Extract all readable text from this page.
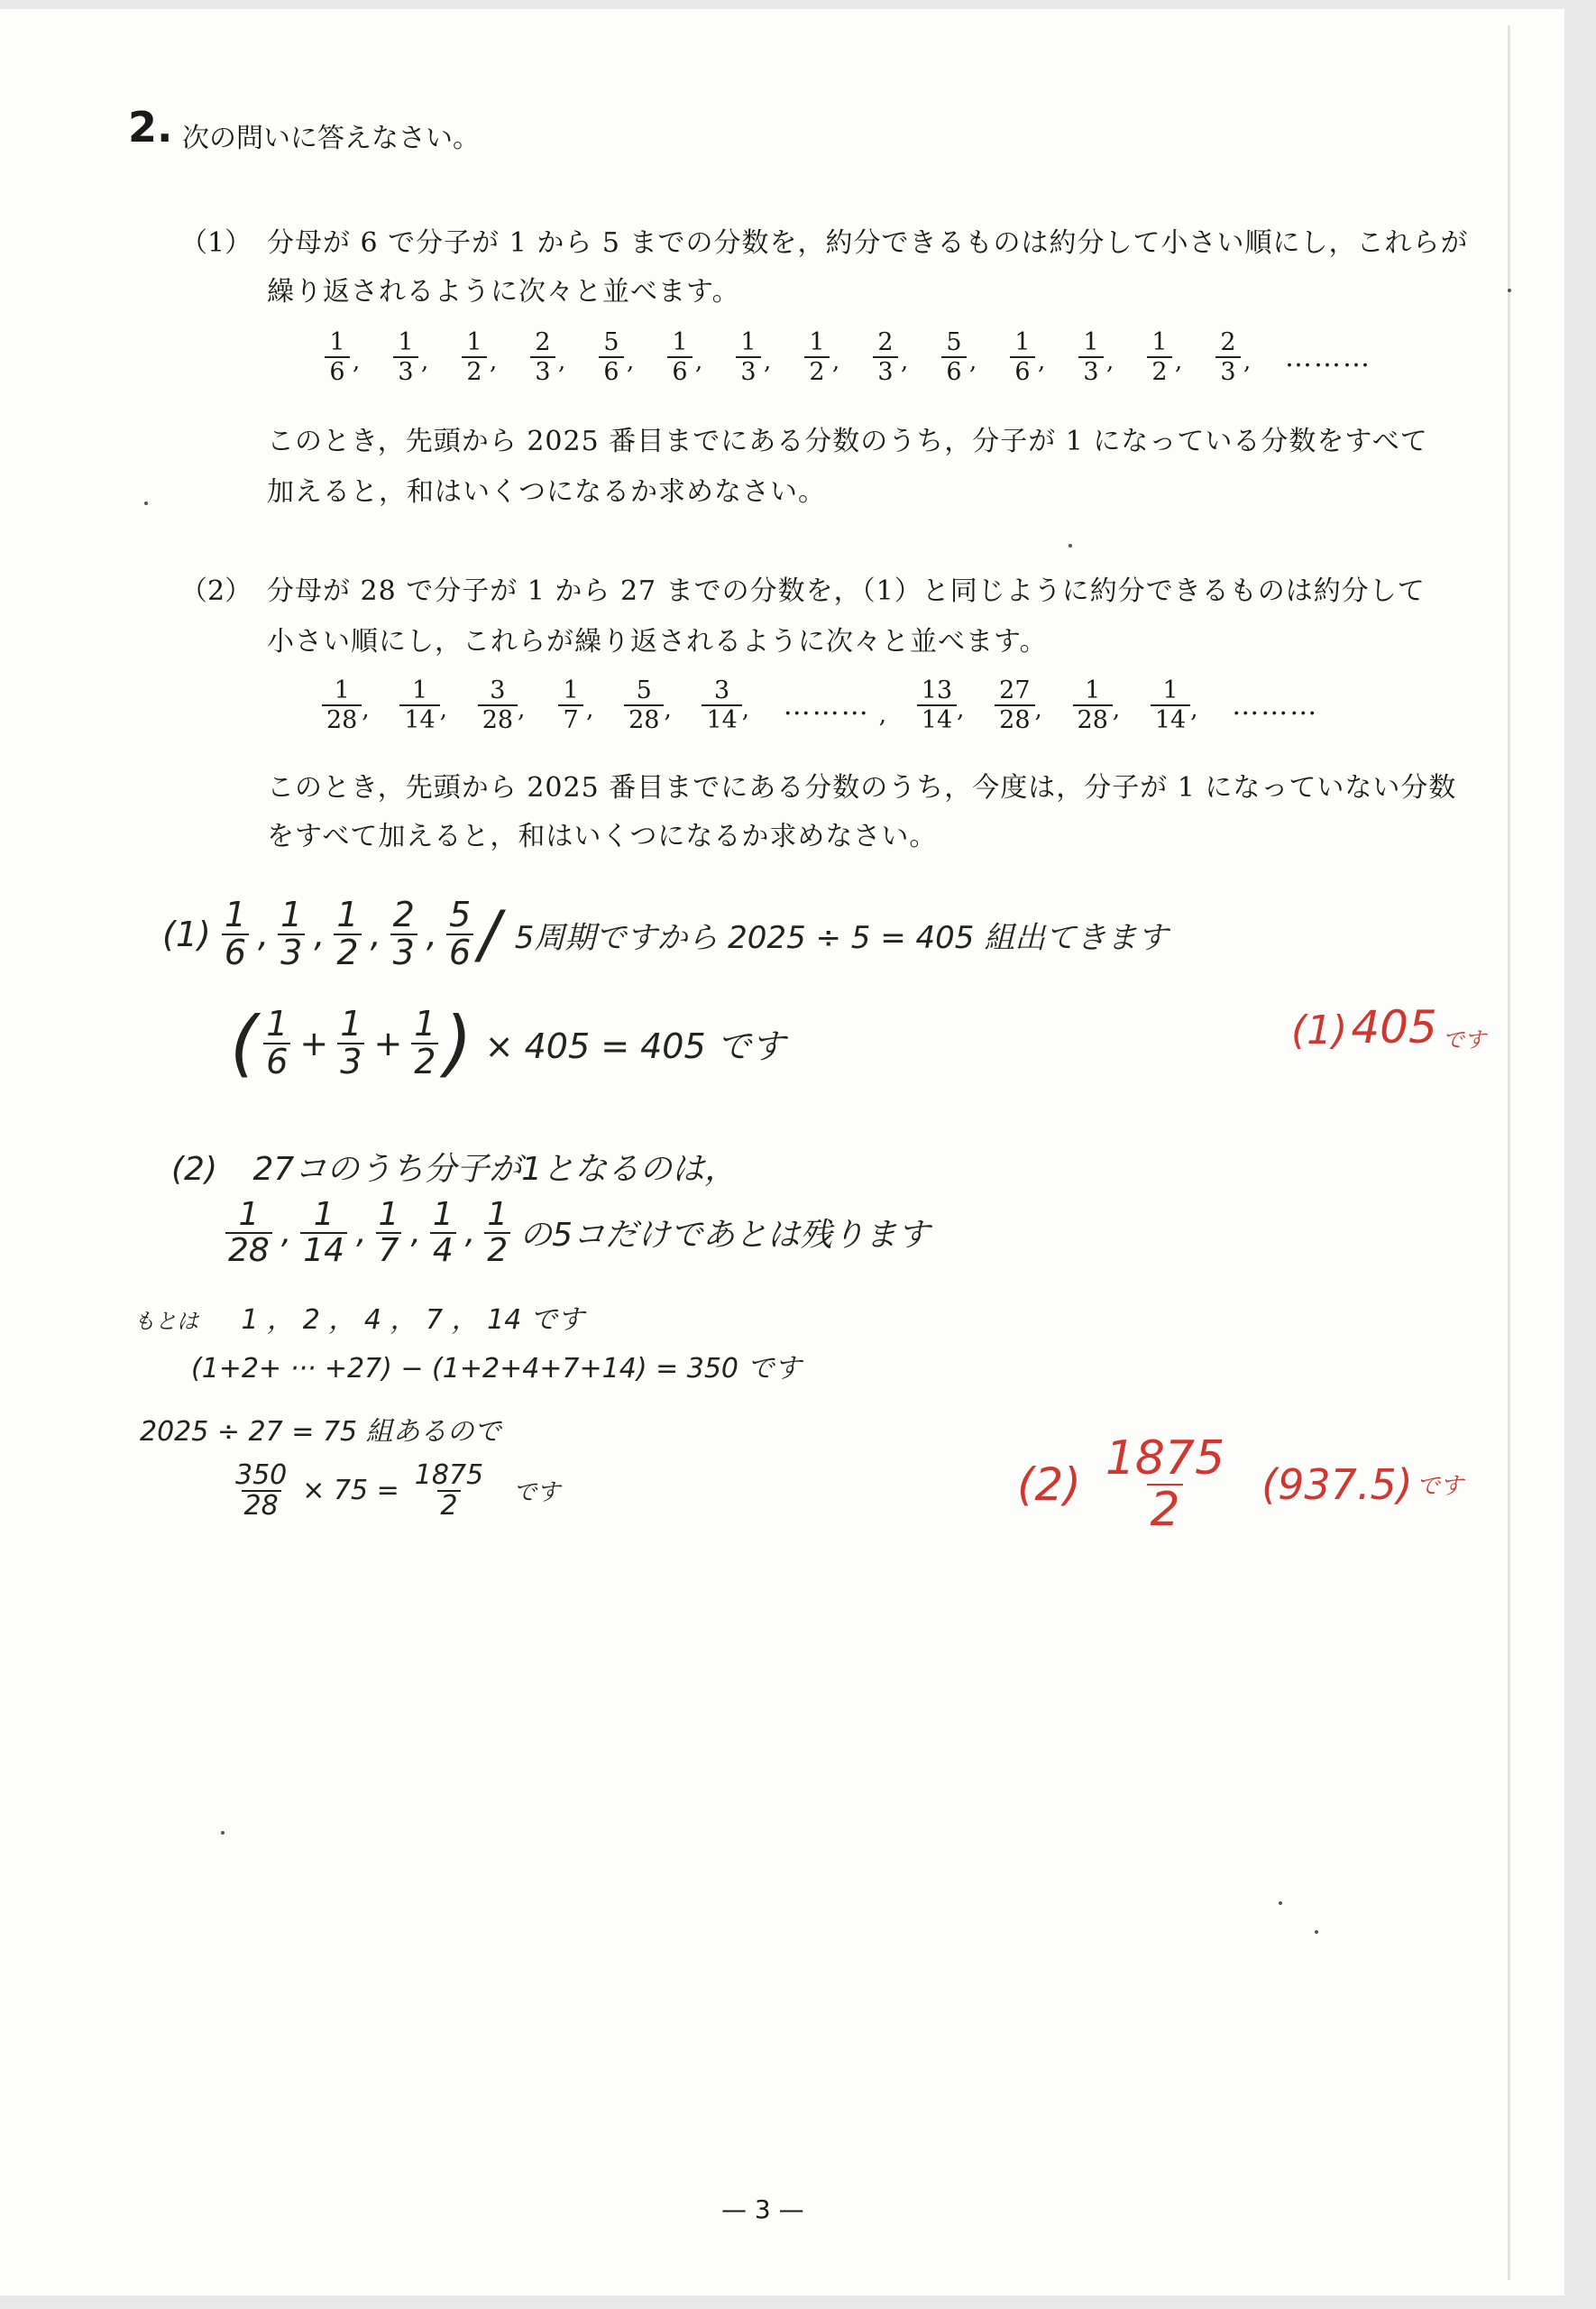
2. 次の問いに答えなさい。
（1） 分母が 6 で分子が 1 から 5 までの分数を，約分できるものは約分して小さい順にし，これらが
繰り返されるように次々と並べます。
$\frac{1}{6}$ ,	$\frac{1}{3}$ ,	$\frac{1}{2}$ ,	$\frac{2}{3}$ ,	$\frac{5}{6}$ ,	$\frac{1}{6}$ ,	$\frac{1}{3}$ ,	$\frac{1}{2}$ ,	$\frac{2}{3}$ ,	$\frac{5}{6}$ ,	$\frac{1}{6}$ ,	$\frac{1}{3}$ ,	$\frac{1}{2}$ ,	$\frac{2}{3}$ ,	………
このとき，先頭から 2025 番目までにある分数のうち，分子が 1 になっている分数をすべて
加えると，和はいくつになるか求めなさい。
（2） 分母が 28 で分子が 1 から 27 までの分数を，（1）と同じように約分できるものは約分して
小さい順にし，これらが繰り返されるように次々と並べます。
$\frac{1}{28}$ ,	$\frac{1}{14}$ ,	$\frac{3}{28}$ ,	$\frac{1}{7}$ ,	$\frac{5}{28}$ ,	$\frac{3}{14}$ ,	……… ,	$\frac{13}{14}$ ,	$\frac{27}{28}$ ,	$\frac{1}{28}$ ,	$\frac{1}{14}$ ,	………
このとき，先頭から 2025 番目までにある分数のうち，今度は，分子が 1 になっていない分数
をすべて加えると，和はいくつになるか求めなさい。
$(1) \frac{1}{6}$ , $\frac{1}{3}$ , $\frac{1}{2}$ , $\frac{2}{3}$ , $\frac{5}{6} / 5$周期ですから 2025 ÷ 5 = 405 組出てきます
( $\frac{1}{6} + \frac{1}{3} + \frac{1}{2}$ ) × 405 = 405 です
(2) 27コのうち分子が1となるのは，
$\frac{1}{28}$ , $\frac{1}{14}$ , $\frac{1}{7}$ , $\frac{1}{4}$ , $\frac{1}{2}$ の5コだけであとは残ります
もとは 1 ， 2 ， 4 ， 7 ， 14 です
(1+2+ ··· +27) − (1+2+4+7+14) = 350 です
2025 ÷ 27 = 75 組あるので
$\frac{350}{28} \times 75 = \frac{1875}{2}$ です
(1) 405 です
$(2) \frac{1875}{2} (937.5)$ です
— 3 —
